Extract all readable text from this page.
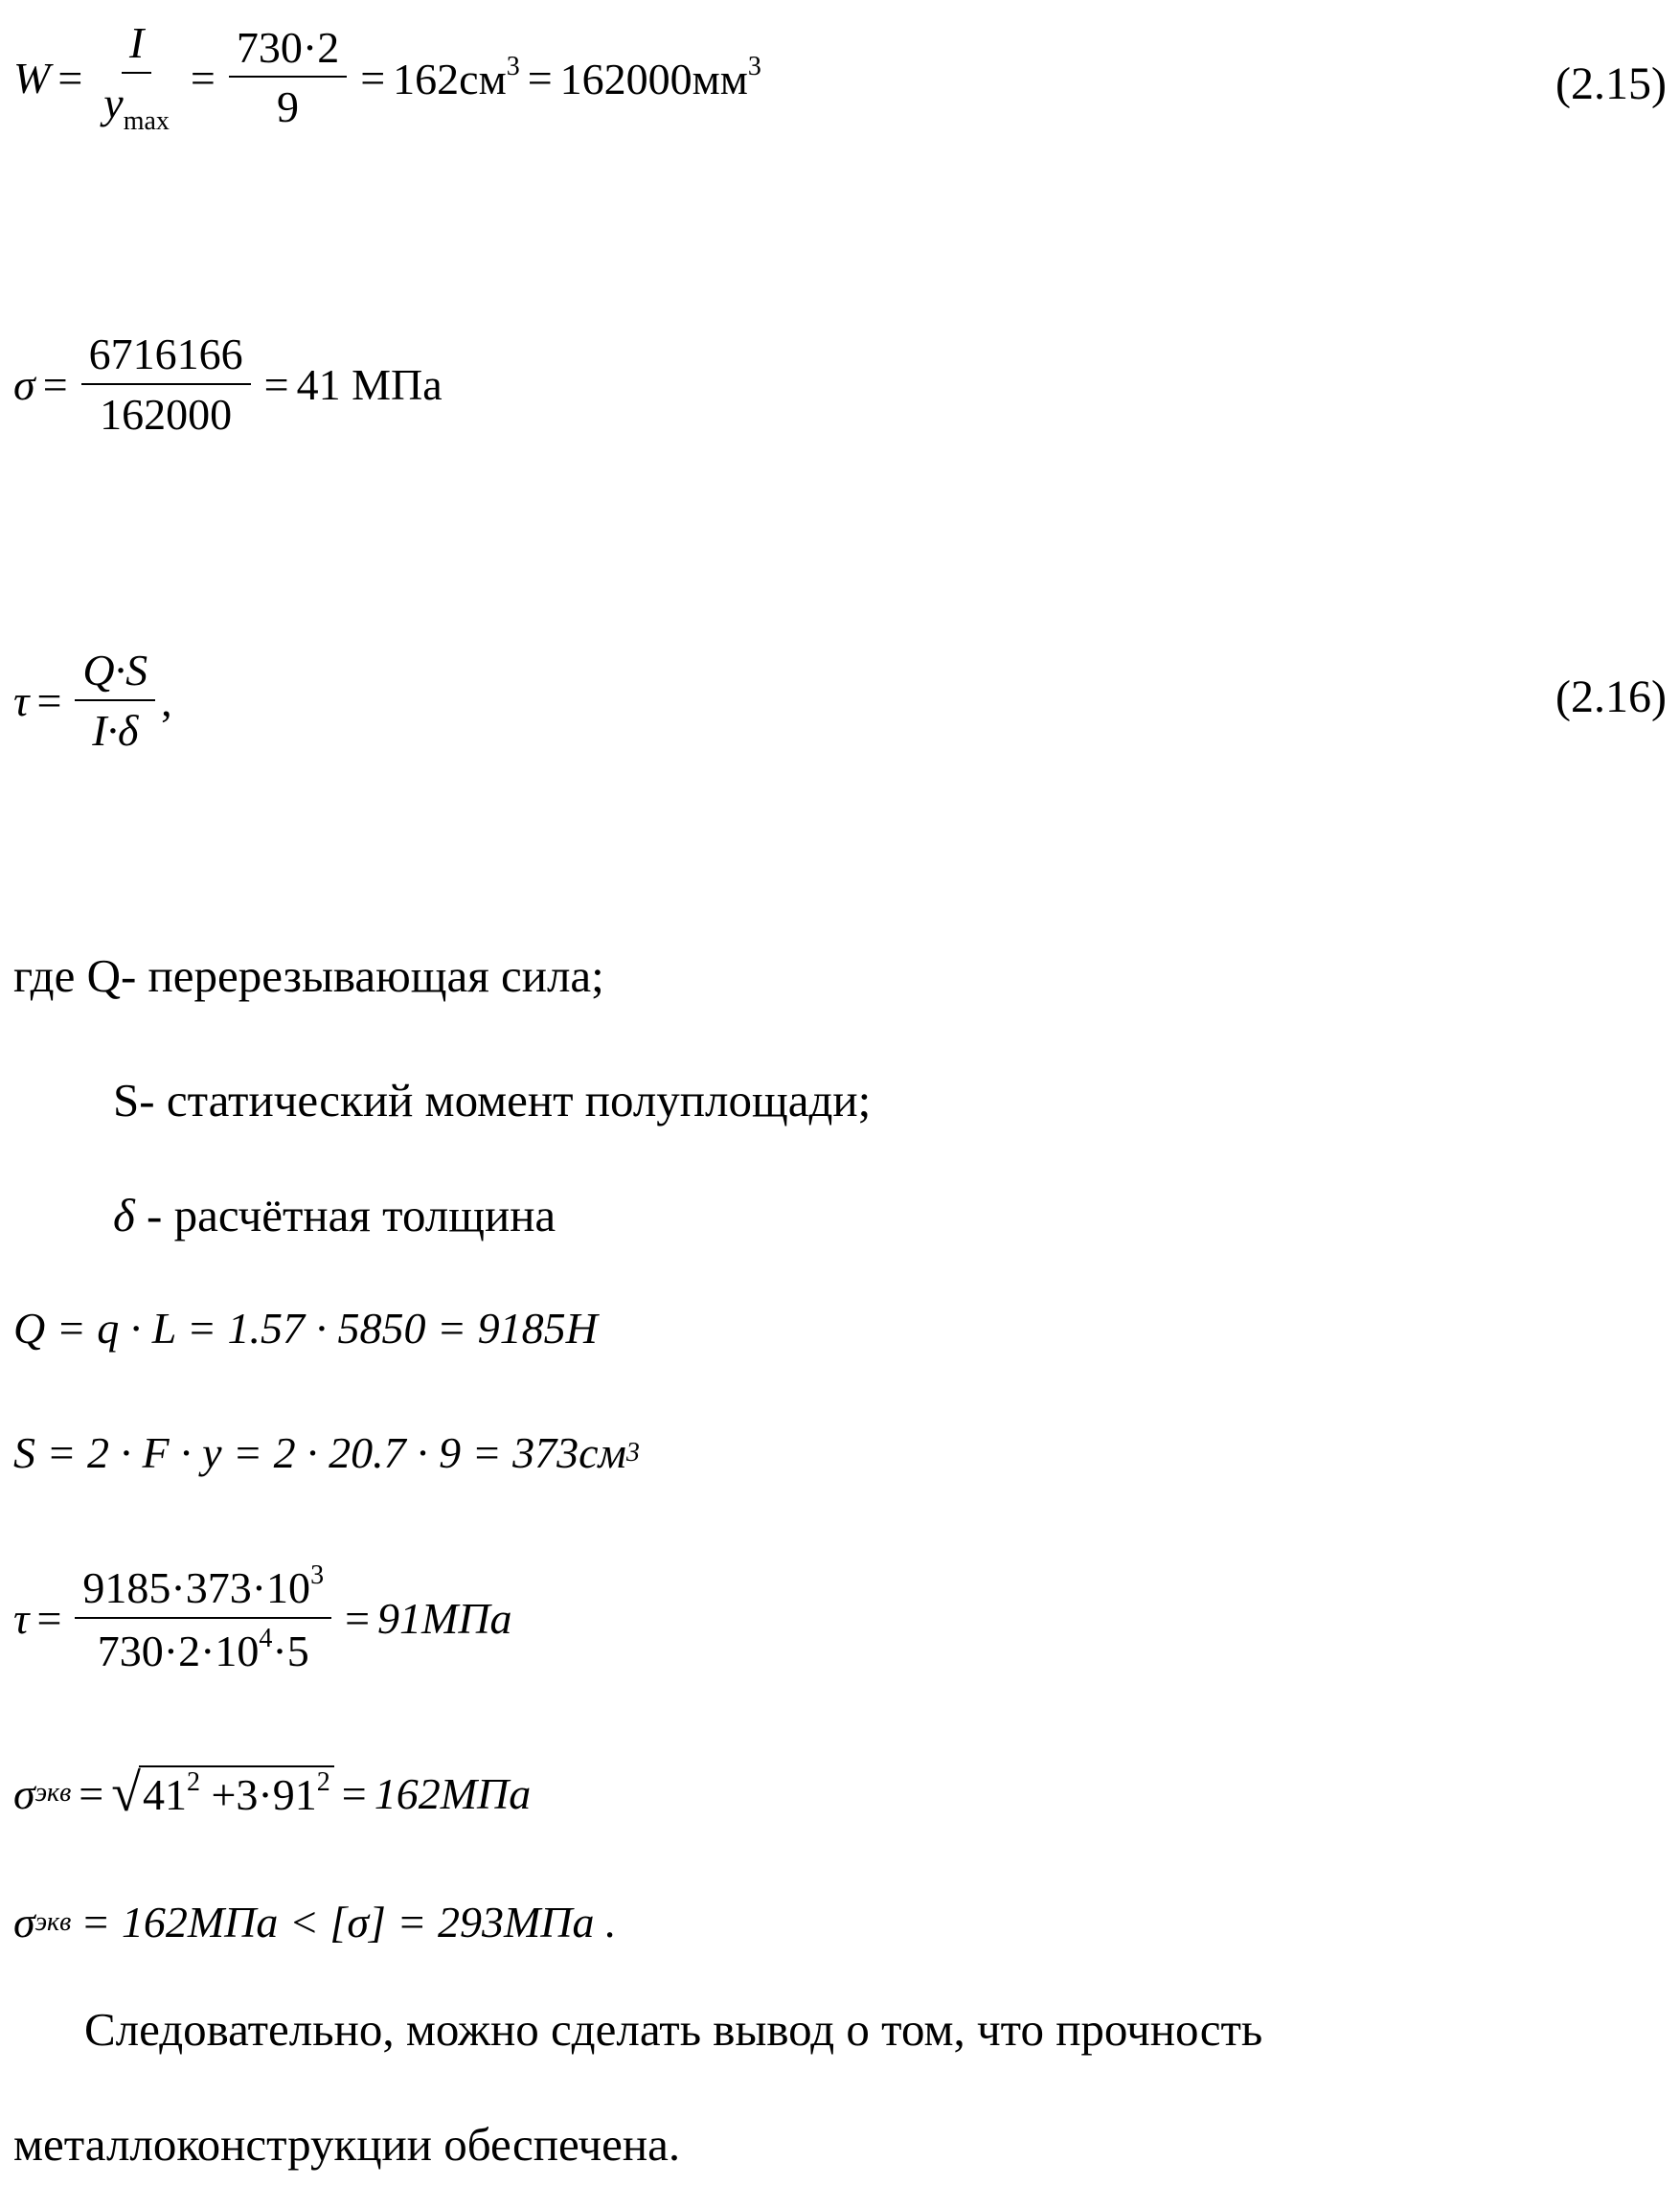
$W = \frac{I}{y_{max}} = \frac{730\cdot 2}{9} = 162см^3 = 162000мм^3$	(2.15)
$\sigma = \frac{6716166}{162000} = 41$ МПа
$\tau = \frac{Q\cdot S}{I\cdot\delta}$ ,	(2.16)
где Q- перерезывающая сила;
S- статический момент полуплощади;
δ - расчётная толщина
Q = q · L = 1.57 · 5850 = 9185H
S = 2 · F · y = 2 · 20.7 · 9 = 373см 3
$\tau = \frac{9185\cdot 373\cdot 10^3}{730\cdot 2\cdot 10^4\cdot 5} = 91МПа$
σ экв = √ $41^2 +3\cdot 91^2 = 162МПа$
σ экв = 162МПа < [σ] = 293МПа .
Следовательно, можно сделать вывод о том, что прочность
металлоконструкции обеспечена.
